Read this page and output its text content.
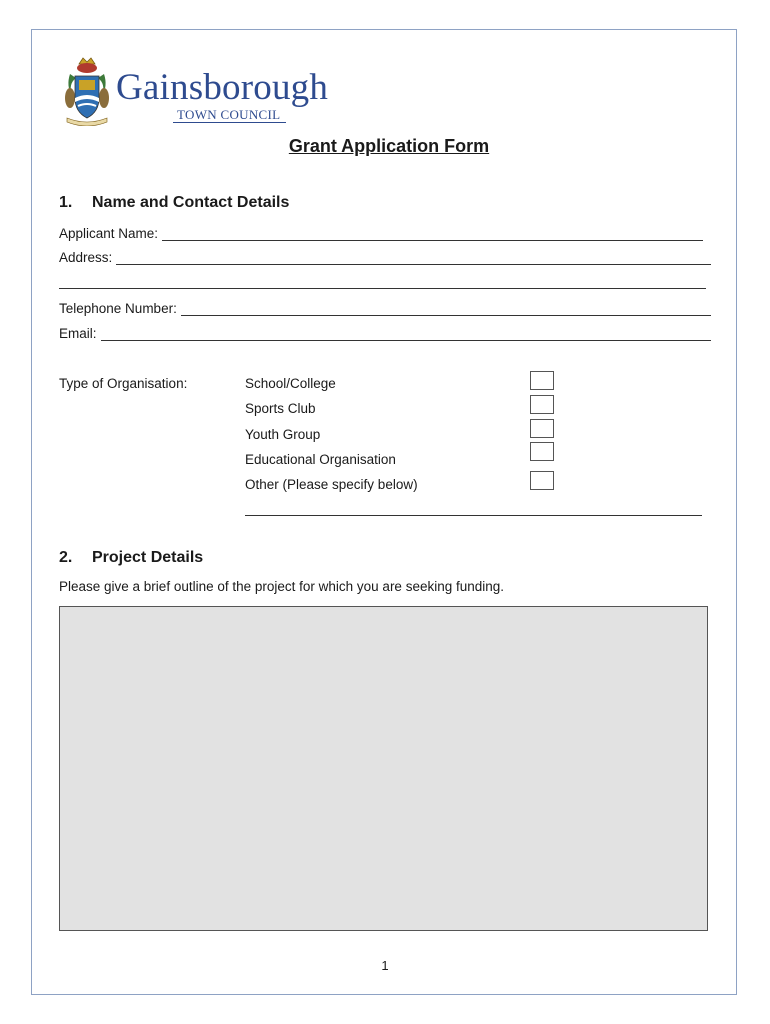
Gainsborough
TOWN COUNCIL
Grant Application Form
1. Name and Contact Details
Applicant Name:
Address:
Telephone Number:
Email:
Type of Organisation:	School/College
Sports Club
Youth Group
Educational Organisation
Other (Please specify below)
2. Project Details
Please give a brief outline of the project for which you are seeking funding.
1
